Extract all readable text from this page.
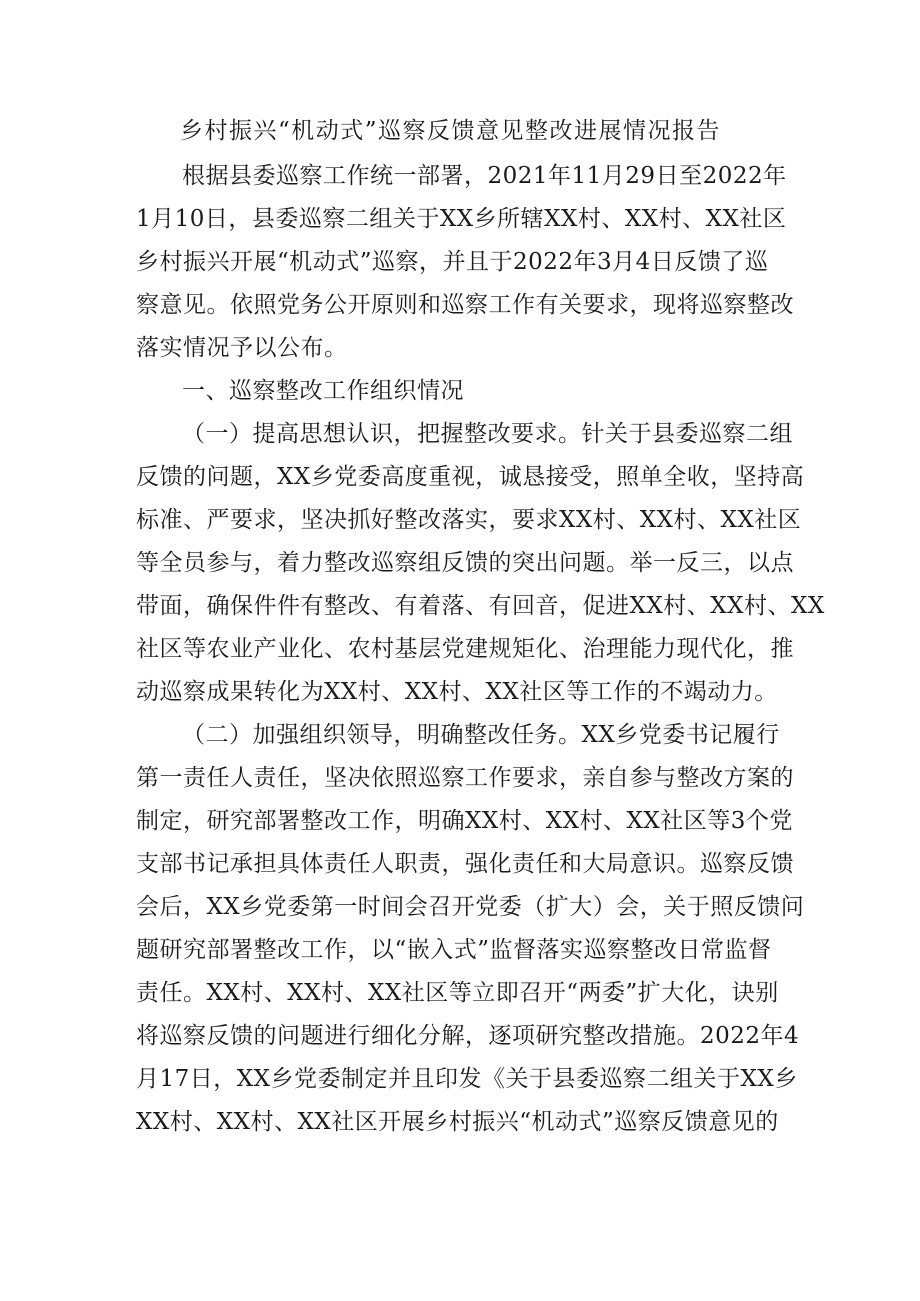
乡村振兴“机动式”巡察反馈意见整改进展情况报告
根据县委巡察工作统一部署，2021年11月29日至2022年
1月10日，县委巡察二组关于XX乡所辖XX村、XX村、XX社区
乡村振兴开展“机动式”巡察，并且于2022年3月4日反馈了巡
察意见。依照党务公开原则和巡察工作有关要求，现将巡察整改
落实情况予以公布。
一、巡察整改工作组织情况
（一）提高思想认识，把握整改要求。针关于县委巡察二组
反馈的问题，XX乡党委高度重视，诚恳接受，照单全收，坚持高
标准、严要求，坚决抓好整改落实，要求XX村、XX村、XX社区
等全员参与，着力整改巡察组反馈的突出问题。举一反三，以点
带面，确保件件有整改、有着落、有回音，促进XX村、XX村、XX
社区等农业产业化、农村基层党建规矩化、治理能力现代化，推
动巡察成果转化为XX村、XX村、XX社区等工作的不竭动力。
（二）加强组织领导，明确整改任务。XX乡党委书记履行
第一责任人责任，坚决依照巡察工作要求，亲自参与整改方案的
制定，研究部署整改工作，明确XX村、XX村、XX社区等3个党
支部书记承担具体责任人职责，强化责任和大局意识。巡察反馈
会后，XX乡党委第一时间会召开党委（扩大）会，关于照反馈问
题研究部署整改工作，以“嵌入式”监督落实巡察整改日常监督
责任。XX村、XX村、XX社区等立即召开“两委”扩大化，诀别
将巡察反馈的问题进行细化分解，逐项研究整改措施。2022年4
月17日，XX乡党委制定并且印发《关于县委巡察二组关于XX乡
XX村、XX村、XX社区开展乡村振兴“机动式”巡察反馈意见的
